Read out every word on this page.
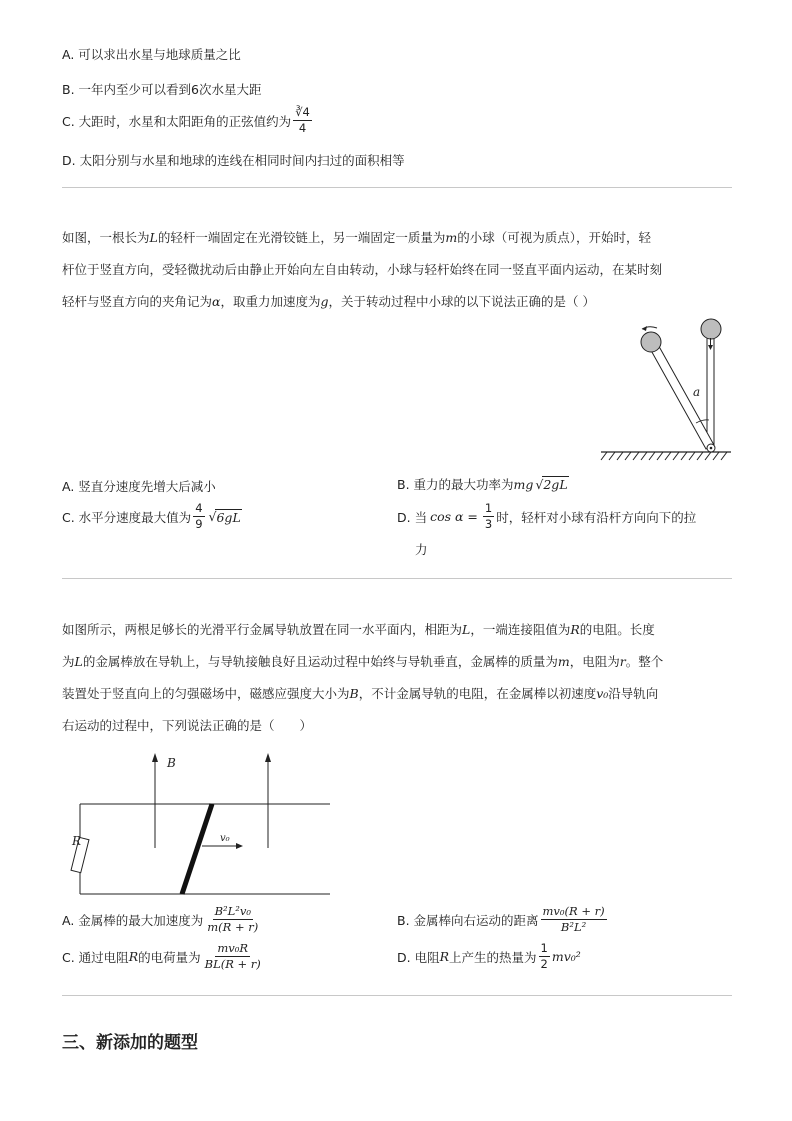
A. 可以求出水星与地球质量之比
B. 一年内至少可以看到6次水星大距
C. 大距时，水星和太阳距角的正弦值约为 $\frac{∛4}{4}$
D. 太阳分别与水星和地球的连线在相同时间内扫过的面积相等
如图，一根长为L的轻杆一端固定在光滑铰链上，另一端固定一质量为m的小球（可视为质点），开始时，轻
杆位于竖直方向，受轻微扰动后由静止开始向左自由转动，小球与轻杆始终在同一竖直平面内运动，在某时刻
轻杆与竖直方向的夹角记为α，取重力加速度为g，关于转动过程中小球的以下说法正确的是（ ）
a
A. 竖直分速度先增大后减小	B. 重力的最大功率为 mg √ 2gL
C. 水平分速度最大值为 $\frac{4}{9}$ √ 6gL	D. 当 $\cos \alpha = \frac{1}{3}$ 时，轻杆对小球有沿杆方向向下的拉
力
如图所示，两根足够长的光滑平行金属导轨放置在同一水平面内，相距为L，一端连接阻值为R的电阻。长度
为L的金属棒放在导轨上，与导轨接触良好且运动过程中始终与导轨垂直，金属棒的质量为m，电阻为r。整个
装置处于竖直向上的匀强磁场中，磁感应强度大小为B，不计金属导轨的电阻，在金属棒以初速度v₀沿导轨向
右运动的过程中，下列说法正确的是（　　）
R
B
v₀
A. 金属棒的最大加速度为 $\frac{\text{B²L²v₀}}{m(R + r)}$	B. 金属棒向右运动的距离 $\frac{\text{mv₀(R + r)}}{\text{B²L²}}$
C. 通过电阻 R 的电荷量为 $\frac{\text{mv₀R}}{BL(R + r)}$	D. 电阻 R 上产生的热量为 $\frac{1}{2} mv_0^2$
三、新添加的题型
